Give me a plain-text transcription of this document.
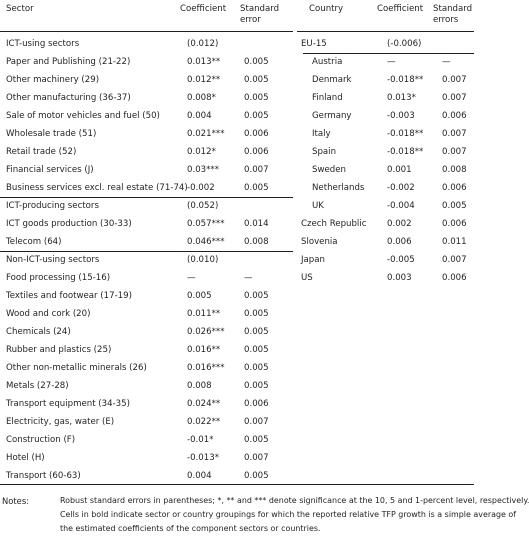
Sector	Coefficient Standard
error
Country	Coefficient Standard
errors
ICT-using sectors	(0.012)
Paper and Publishing (21-22)	0.013**	0.005
Other machinery (29)	0.012**	0.005
Other manufacturing (36-37)	0.008*	0.005
Sale of motor vehicles and fuel (50)	0.004	0.005
Wholesale trade (51)	0.021*** 0.006
Retail trade (52)	0.012*	0.006
Financial services (J)	0.03***	0.007
Business services excl. real estate (71-74) -0.002	0.005
ICT-producing sectors	(0.052)
ICT goods production (30-33)	0.057*** 0.014
Telecom (64)	0.046*** 0.008
Non-ICT-using sectors	(0.010)
Food processing (15-16)	—	—
Textiles and footwear (17-19)	0.005	0.005
Wood and cork (20)	0.011**	0.005
Chemicals (24)	0.026*** 0.005
Rubber and plastics (25)	0.016**	0.005
Other non-metallic minerals (26)	0.016*** 0.005
Metals (27-28)	0.008	0.005
Transport equipment (34-35)	0.024**	0.006
Electricity, gas, water (E)	0.022**	0.007
Construction (F)	-0.01*	0.005
Hotel (H)	-0.013*	0.007
Transport (60-63)	0.004	0.005
EU-15	(-0.006)
Austria	—	—
Denmark	-0.018** 0.007
Finland	0.013*	0.007
Germany	-0.003	0.006
Italy	-0.018** 0.007
Spain	-0.018** 0.007
Sweden	0.001	0.008
Netherlands	-0.002	0.006
UK	-0.004	0.005
Czech Republic 0.002	0.006
Slovenia	0.006	0.011
Japan	-0.005	0.007
US	0.003	0.006
Notes:	Robust standard errors in parentheses; *, ** and *** denote significance at the 10, 5 and 1-percent level, respectively.
Cells in bold indicate sector or country groupings for which the reported relative TFP growth is a simple average of
the estimated coefficients of the component sectors or countries.
